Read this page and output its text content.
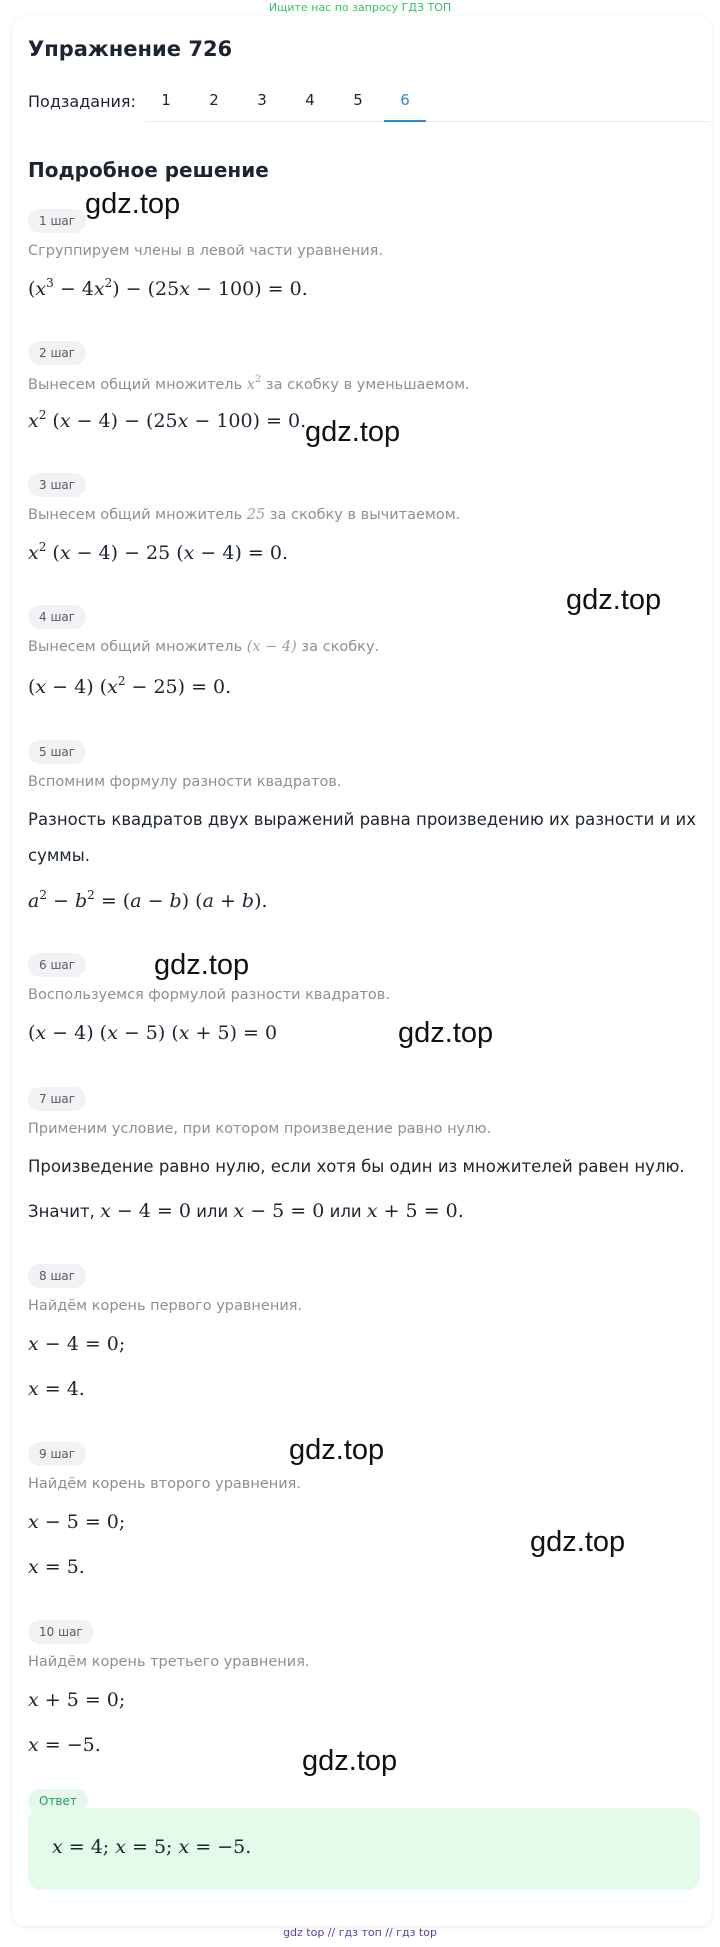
Ищите нас по запросу ГДЗ ТОП
Упражнение 726
Подзадания:	1	2	3	4	5	6
Подробное решение
1 шаг
Сгруппируем члены в левой части уравнения.
$(x^3 - 4x^2) - (25x - 100) = 0$.
2 шаг
Вынесем общий множитель $x^2$ за скобку в уменьшаемом.
$x^2$ (x − 4) − (25x − 100) = 0.
3 шаг
Вынесем общий множитель 25 за скобку в вычитаемом.
$x^2$ (x − 4) − 25 (x − 4) = 0.
4 шаг
Вынесем общий множитель (x − 4) за скобку.
(x − 4) $(x^2 - 25) = 0$.
5 шаг
Вспомним формулу разности квадратов.
Разность квадратов двух выражений равна произведению их разности и их
суммы.
$a^2 - b^2 = (a - b) (a + b)$.
6 шаг
Воспользуемся формулой разности квадратов.
(x − 4) (x − 5) (x + 5) = 0
7 шаг
Применим условие, при котором произведение равно нулю.
Произведение равно нулю, если хотя бы один из множителей равен нулю.
Значит, x − 4 = 0 или x − 5 = 0 или x + 5 = 0.
8 шаг
Найдём корень первого уравнения.
x − 4 = 0;
x = 4.
9 шаг
Найдём корень второго уравнения.
x − 5 = 0;
x = 5.
10 шаг
Найдём корень третьего уравнения.
x + 5 = 0;
x = −5.
Ответ
x = 4; x = 5; x = −5.
gdz.top
gdz.top
gdz.top
gdz.top
gdz.top
gdz.top
gdz.top
gdz.top
gdz top // гдз топ // гдз top
